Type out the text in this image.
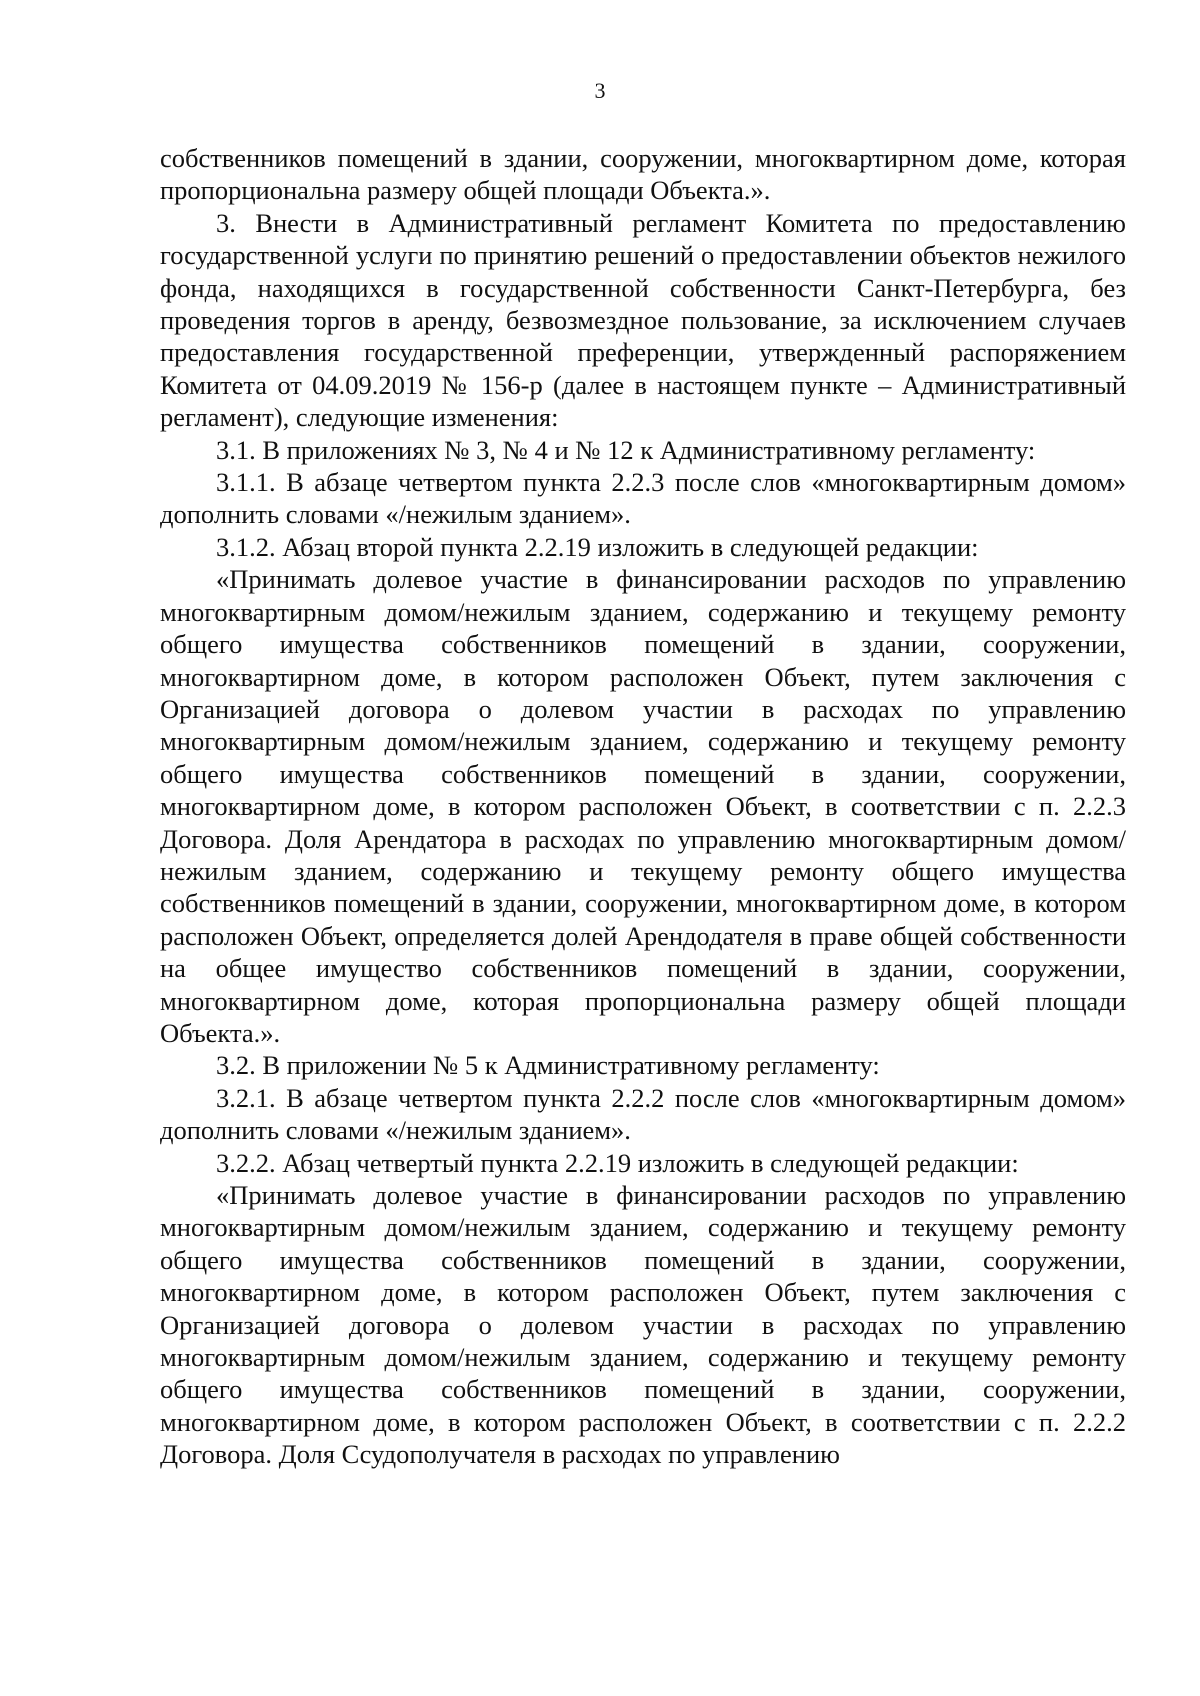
3

собственников помещений в здании, сооружении, многоквартирном доме, которая пропорциональна размеру общей площади Объекта.».

3. Внести в Административный регламент Комитета по предоставлению государственной услуги по принятию решений о предоставлении объектов нежилого фонда, находящихся в государственной собственности Санкт-Петербурга, без проведения торгов в аренду, безвозмездное пользование, за исключением случаев предоставления государственной преференции, утвержденный распоряжением Комитета от 04.09.2019 № 156-р (далее в настоящем пункте – Административный регламент), следующие изменения:

3.1. В приложениях № 3, № 4 и № 12 к Административному регламенту:

3.1.1. В абзаце четвертом пункта 2.2.3 после слов «многоквартирным домом» дополнить словами «/нежилым зданием».

3.1.2. Абзац второй пункта 2.2.19 изложить в следующей редакции:

«Принимать долевое участие в финансировании расходов по управлению многоквартирным домом/нежилым зданием, содержанию и текущему ремонту общего имущества собственников помещений в здании, сооружении, многоквартирном доме, в котором расположен Объект, путем заключения с Организацией договора о долевом участии в расходах по управлению многоквартирным домом/нежилым зданием, содержанию и текущему ремонту общего имущества собственников помещений в здании, сооружении, многоквартирном доме, в котором расположен Объект, в соответствии с п. 2.2.3 Договора. Доля Арендатора в расходах по управлению многоквартирным домом/нежилым зданием, содержанию и текущему ремонту общего имущества собственников помещений в здании, сооружении, многоквартирном доме, в котором расположен Объект, определяется долей Арендодателя в праве общей собственности на общее имущество собственников помещений в здании, сооружении, многоквартирном доме, которая пропорциональна размеру общей площади Объекта.».

3.2. В приложении № 5 к Административному регламенту:

3.2.1. В абзаце четвертом пункта 2.2.2 после слов «многоквартирным домом» дополнить словами «/нежилым зданием».

3.2.2. Абзац четвертый пункта 2.2.19 изложить в следующей редакции:

«Принимать долевое участие в финансировании расходов по управлению многоквартирным домом/нежилым зданием, содержанию и текущему ремонту общего имущества собственников помещений в здании, сооружении, многоквартирном доме, в котором расположен Объект, путем заключения с Организацией договора о долевом участии в расходах по управлению многоквартирным домом/нежилым зданием, содержанию и текущему ремонту общего имущества собственников помещений в здании, сооружении, многоквартирном доме, в котором расположен Объект, в соответствии с п. 2.2.2 Договора. Доля Ссудополучателя в расходах по управлению
